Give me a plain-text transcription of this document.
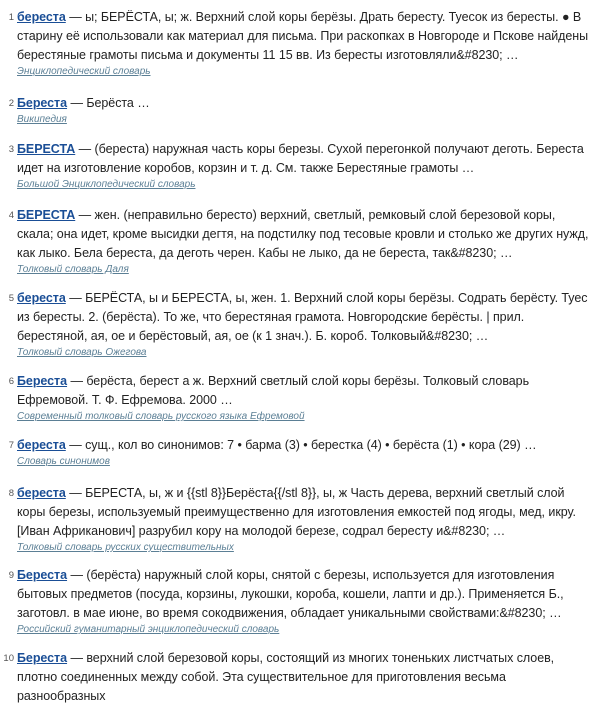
1 береста — ы; БЕРЁСТА, ы; ж. Верхний слой коры берёзы. Драть бересту. Туесок из бересты. ● В старину её использовали как материал для письма. При раскопках в Новгороде и Пскове найдены берестяные грамоты письма и документы 11 15 вв. Из бересты изготовляли&#8230; …

Энциклопедический словарь
2 Береста — Берёста …

Википедия
3 БЕРЕСТА — (береста) наружная часть коры березы. Сухой перегонкой получают деготь. Береста идет на изготовление коробов, корзин и т. д. См. также Берестяные грамоты …

Большой Энциклопедический словарь
4 БЕРЕСТА — жен. (неправильно бересто) верхний, светлый, ремковый слой березовой коры, скала; она идет, кроме выcидки дегтя, на подстилку под тесовые кровли и столько же других нужд, как лыко. Бела береста, да деготь черен. Кабы не лыко, да не береста, так&#8230; …

Толковый словарь Даля
5 береста — БЕРЁСТА, ы и БЕРЕСТА, ы, жен. 1. Верхний слой коры берёзы. Содрать берёсту. Туес из бересты. 2. (берёста). То же, что берестяная грамота. Новгородские берёсты. | прил. берестяной, ая, ое и берёстовый, ая, ое (к 1 знач.). Б. короб. Толковый&#8230; …

Толковый словарь Ожегова
6 Береста — берёста, берест а ж. Верхний светлый слой коры берёзы. Толковый словарь Ефремовой. Т. Ф. Ефремова. 2000 …

Современный толковый словарь русского языка Ефремовой
7 береста — сущ., кол во синонимов: 7 • бармa (3) • берестка (4) • берёста (1) • кора (29) …

Словарь синонимов
8 береста — БЕРЕСТА, ы, ж и {{stl 8}}Берёста{{/stl 8}}, ы, ж Часть дерева, верхний светлый слой коры березы, используемый преимущественно для изготовления емкостей под ягоды, мед, икру. [Иван Африканович] разрубил кору на молодой березе, содрал бересту и&#8230; …

Толковый словарь русских существительных
9 Береста — (берёста) наружный слой коры, снятой с березы, используется для изготовления бытовых предметов (посуда, корзины, лукошки, короба, кошели, лапти и др.). Применяется Б., заготовл. в мае июне, во время сокодвижения, обладает уникальными свойствами:&#8230; …

Российский гуманитарный энциклопедический словарь
10 Береста — верхний слой березовой коры, состоящий из многих тоненьких листчатых слоев, плотно соединенных между собой. Эта существительное для приготовления весьма разнообразных
